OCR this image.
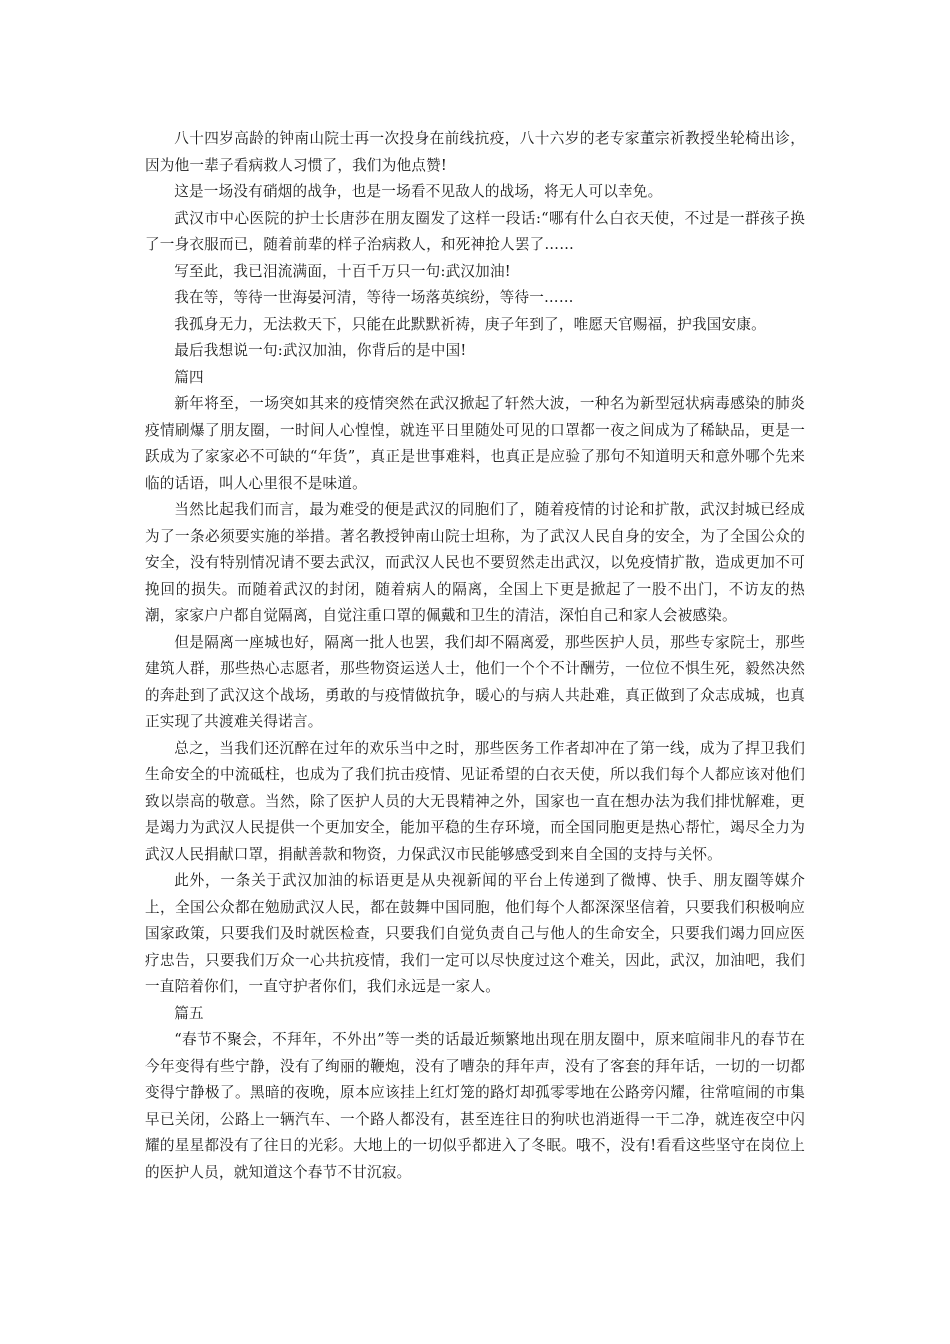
八十四岁高龄的钟南山院士再一次投身在前线抗疫，八十六岁的老专家董宗祈教授坐轮椅出诊，因为他一辈子看病救人习惯了，我们为他点赞!

这是一场没有硝烟的战争，也是一场看不见敌人的战场，将无人可以幸免。

武汉市中心医院的护士长唐莎在朋友圈发了这样一段话:“哪有什么白衣天使，不过是一群孩子换了一身衣服而已，随着前辈的样子治病救人，和死神抢人罢了……

写至此，我已泪流满面，十百千万只一句:武汉加油!

我在等，等待一世海晏河清，等待一场落英缤纷，等待一……

我孤身无力，无法救天下，只能在此默默祈祷，庚子年到了，唯愿天官赐福，护我国安康。

最后我想说一句:武汉加油，你背后的是中国!

篇四

新年将至，一场突如其来的疫情突然在武汉掀起了轩然大波，一种名为新型冠状病毒感染的肺炎疫情刷爆了朋友圈，一时间人心惶惶，就连平日里随处可见的口罩都一夜之间成为了稀缺品，更是一跃成为了家家必不可缺的“年货”，真正是世事难料，也真正是应验了那句不知道明天和意外哪个先来临的话语，叫人心里很不是味道。

当然比起我们而言，最为难受的便是武汉的同胞们了，随着疫情的讨论和扩散，武汉封城已经成为了一条必须要实施的举措。著名教授钟南山院士坦称，为了武汉人民自身的安全，为了全国公众的安全，没有特别情况请不要去武汉，而武汉人民也不要贸然走出武汉，以免疫情扩散，造成更加不可挽回的损失。而随着武汉的封闭，随着病人的隔离，全国上下更是掀起了一股不出门，不访友的热潮，家家户户都自觉隔离，自觉注重口罩的佩戴和卫生的清洁，深怕自己和家人会被感染。

但是隔离一座城也好，隔离一批人也罢，我们却不隔离爱，那些医护人员，那些专家院士，那些建筑人群，那些热心志愿者，那些物资运送人士，他们一个个不计酬劳，一位位不惧生死，毅然决然的奔赴到了武汉这个战场，勇敢的与疫情做抗争，暖心的与病人共赴难，真正做到了众志成城，也真正实现了共渡难关得诺言。

总之，当我们还沉醉在过年的欢乐当中之时，那些医务工作者却冲在了第一线，成为了捍卫我们生命安全的中流砥柱，也成为了我们抗击疫情、见证希望的白衣天使，所以我们每个人都应该对他们致以崇高的敬意。当然，除了医护人员的大无畏精神之外，国家也一直在想办法为我们排忧解难，更是竭力为武汉人民提供一个更加安全，能加平稳的生存环境，而全国同胞更是热心帮忙，竭尽全力为武汉人民捐献口罩，捐献善款和物资，力保武汉市民能够感受到来自全国的支持与关怀。

此外，一条关于武汉加油的标语更是从央视新闻的平台上传递到了微博、快手、朋友圈等媒介上，全国公众都在勉励武汉人民，都在鼓舞中国同胞，他们每个人都深深坚信着，只要我们积极响应国家政策，只要我们及时就医检查，只要我们自觉负责自己与他人的生命安全，只要我们竭力回应医疗忠告，只要我们万众一心共抗疫情，我们一定可以尽快度过这个难关，因此，武汉，加油吧，我们一直陪着你们，一直守护者你们，我们永远是一家人。

篇五

“春节不聚会，不拜年，不外出”等一类的话最近频繁地出现在朋友圈中，原来喧闹非凡的春节在今年变得有些宁静，没有了绚丽的鞭炮，没有了嘈杂的拜年声，没有了客套的拜年话，一切的一切都变得宁静极了。黑暗的夜晚，原本应该挂上红灯笼的路灯却孤零零地在公路旁闪耀，往常喧闹的市集早已关闭，公路上一辆汽车、一个路人都没有，甚至连往日的狗吠也消逝得一干二净，就连夜空中闪耀的星星都没有了往日的光彩。大地上的一切似乎都进入了冬眠。哦不，没有!看看这些坚守在岗位上的医护人员，就知道这个春节不甘沉寂。
